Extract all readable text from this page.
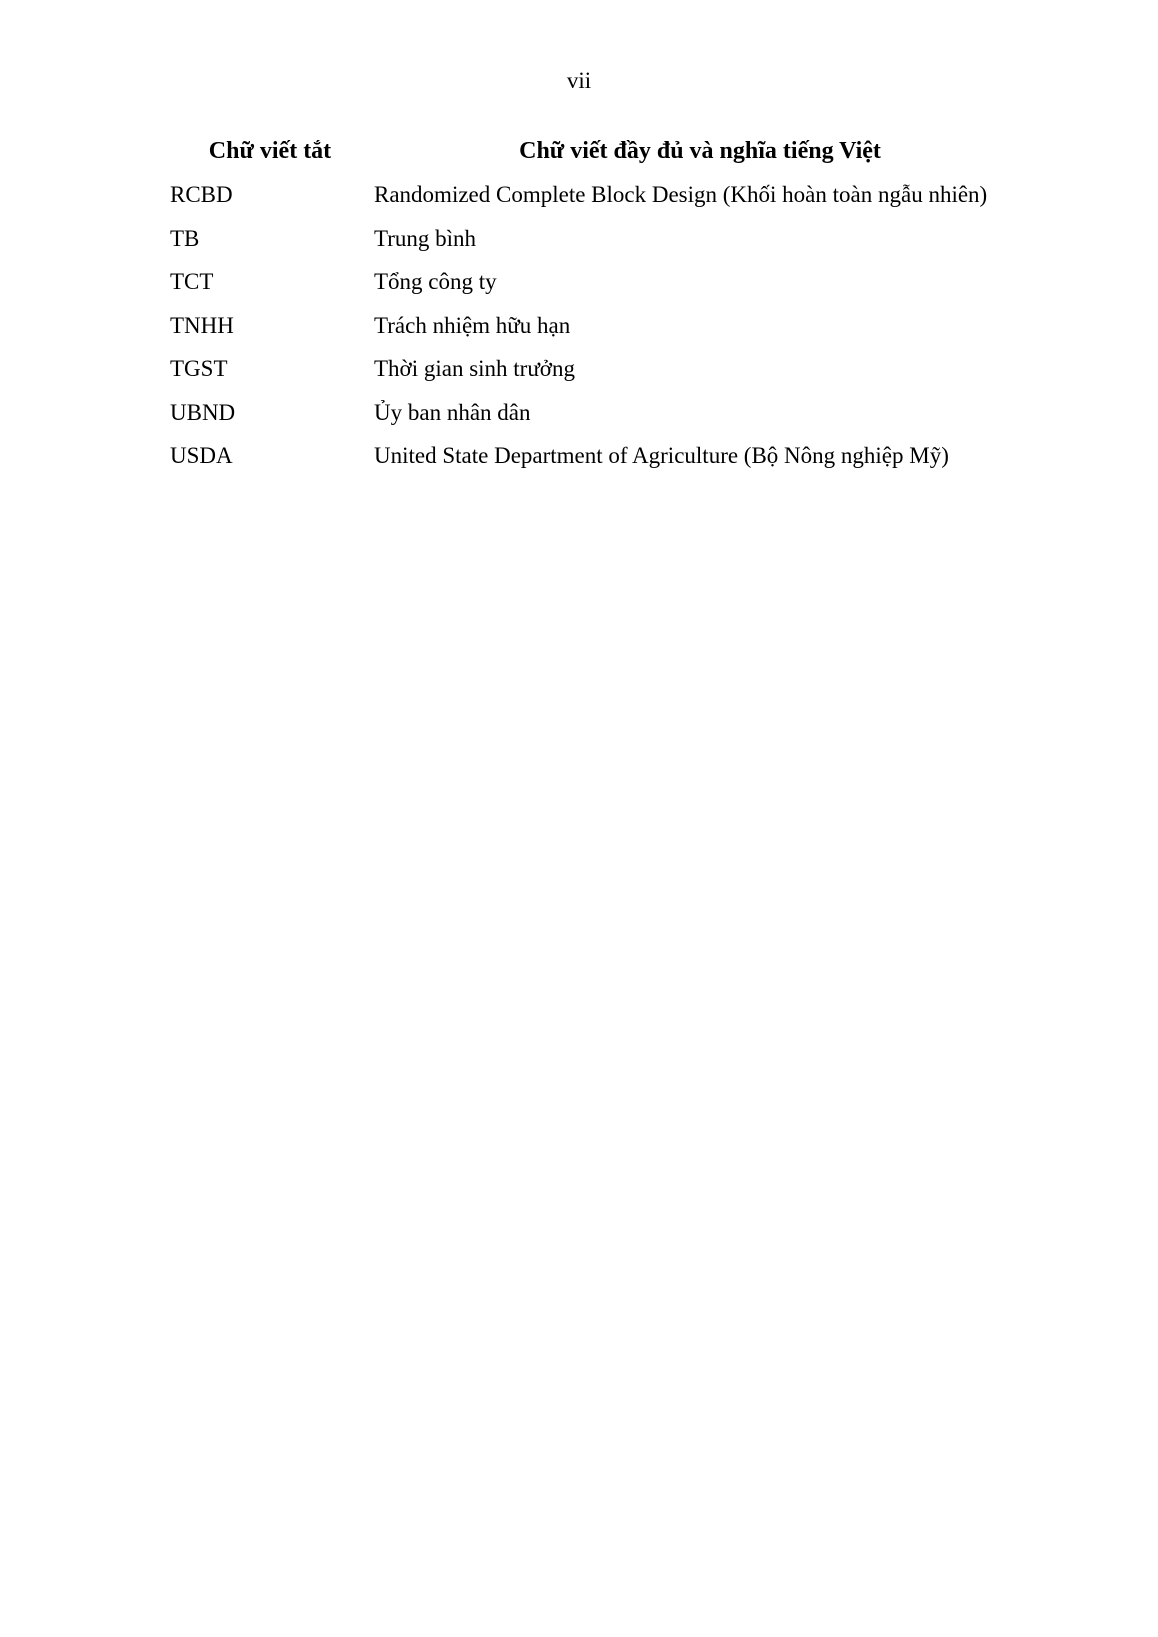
vii
Chữ viết tắt	Chữ viết đầy đủ và nghĩa tiếng Việt
RCBD	Randomized Complete Block Design (Khối hoàn toàn ngẫu nhiên)
TB	Trung bình
TCT	Tổng công ty
TNHH	Trách nhiệm hữu hạn
TGST	Thời gian sinh trưởng
UBND	Ủy ban nhân dân
USDA	United State Department of Agriculture (Bộ Nông nghiệp Mỹ)
